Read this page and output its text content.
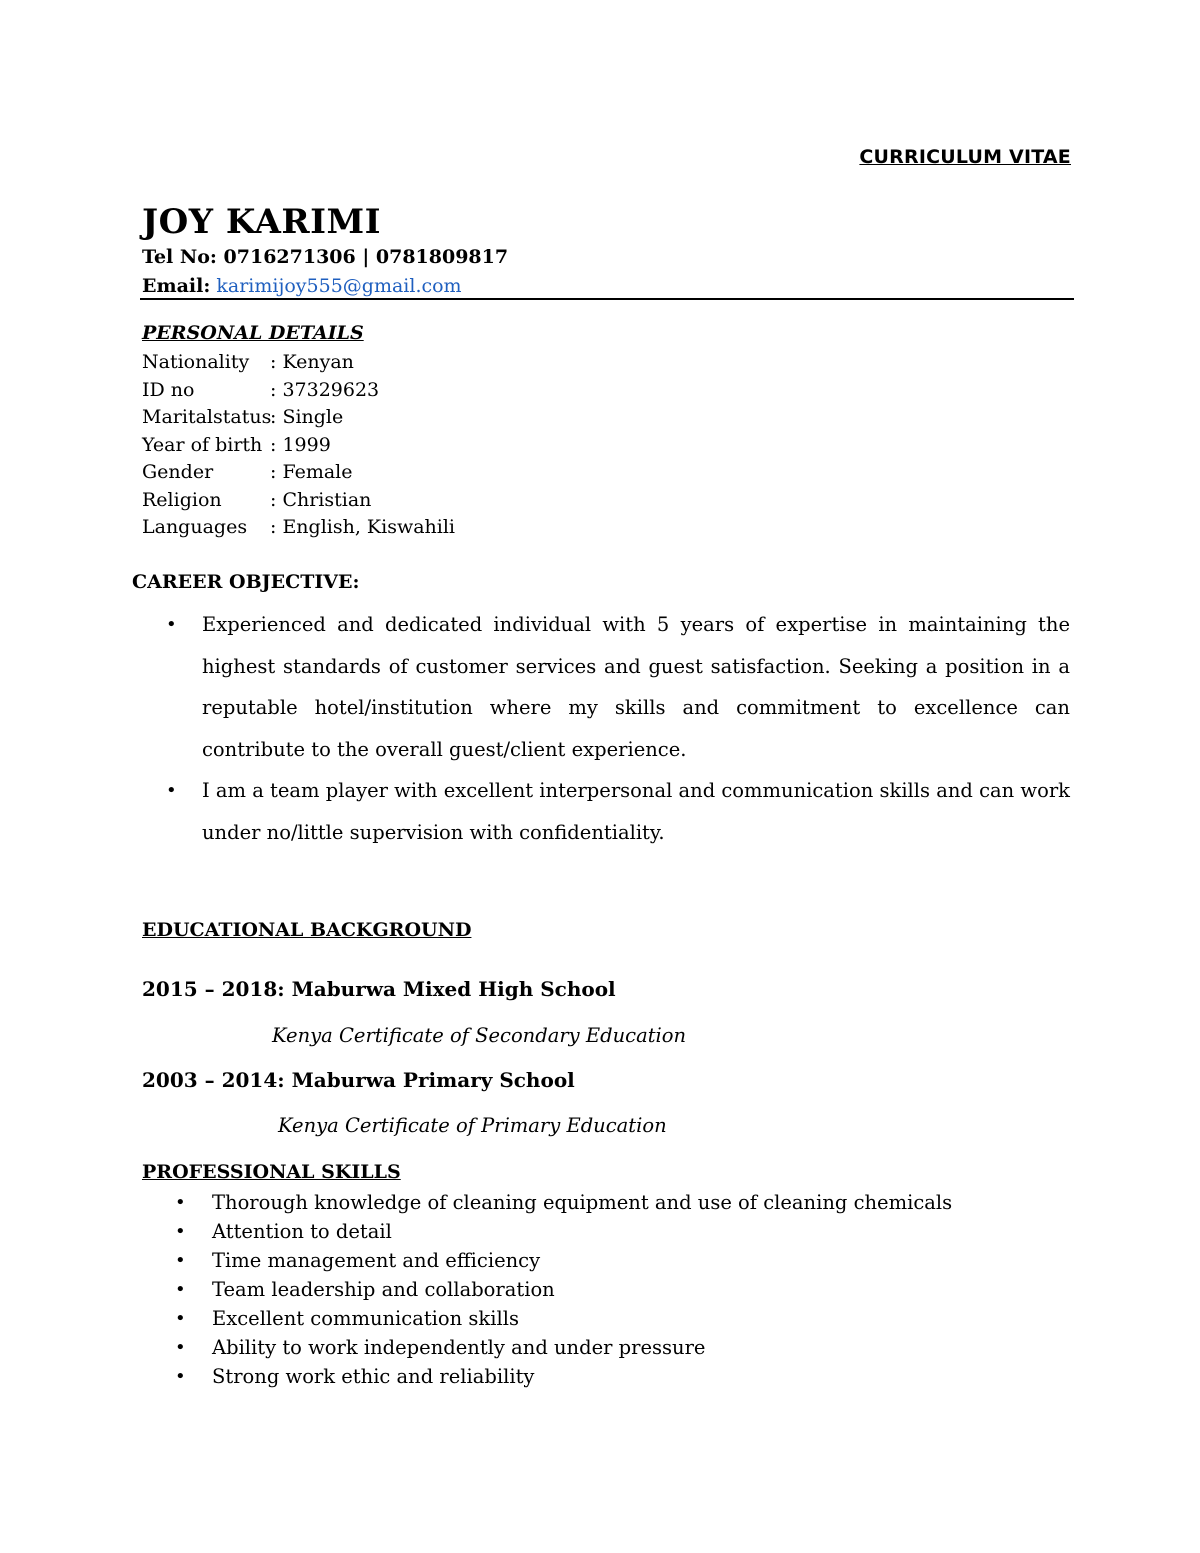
CURRICULUM VITAE
JOY KARIMI
Tel No: 0716271306 | 0781809817
Email: karimijoy555@gmail.com
PERSONAL DETAILS
Nationality : Kenyan
ID no	: 37329623
Maritalstatus: Single
Year of birth : 1999
Gender	: Female
Religion	: Christian
Languages : English, Kiswahili
CAREER OBJECTIVE:
• Experienced and dedicated individual with 5 years of expertise in maintaining the highest standards of customer services and guest satisfaction. Seeking a position in a reputable hotel/institution where my skills and commitment to excellence can contribute to the overall guest/client experience.
• I am a team player with excellent interpersonal and communication skills and can work under no/little supervision with confidentiality.
EDUCATIONAL BACKGROUND
2015 – 2018: Maburwa Mixed High School
Kenya Certificate of Secondary Education
2003 – 2014: Maburwa Primary School
Kenya Certificate of Primary Education
PROFESSIONAL SKILLS
• Thorough knowledge of cleaning equipment and use of cleaning chemicals
• Attention to detail
• Time management and efficiency
• Team leadership and collaboration
• Excellent communication skills
• Ability to work independently and under pressure
• Strong work ethic and reliability
